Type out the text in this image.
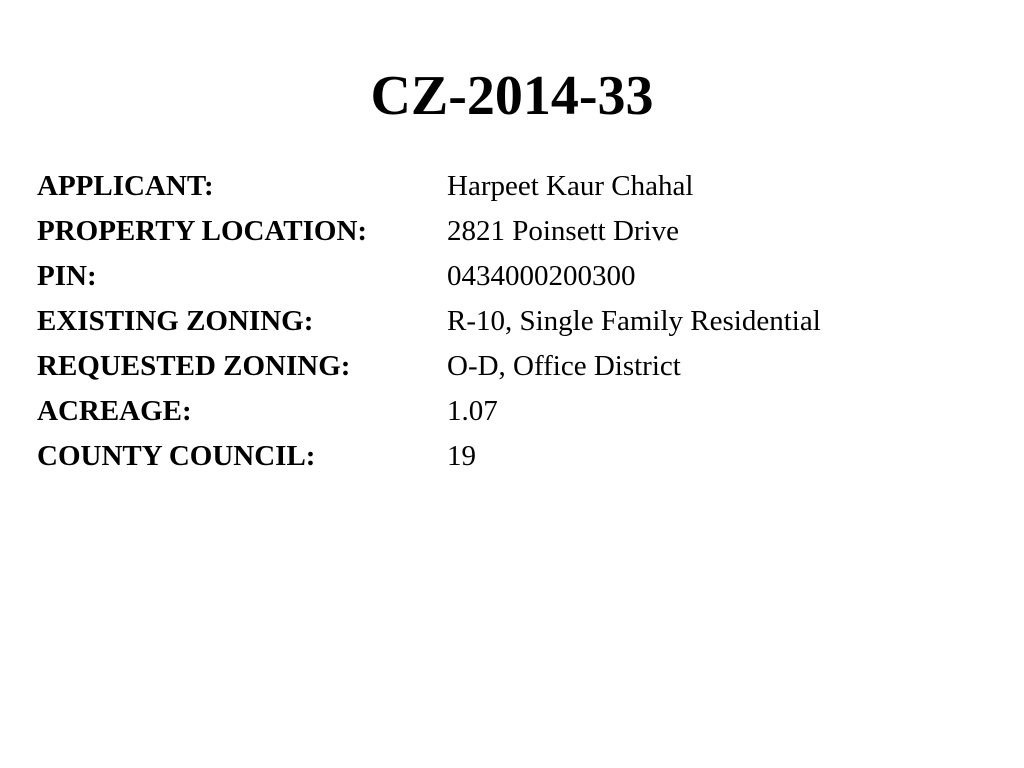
CZ-2014-33
APPLICANT:	Harpeet Kaur Chahal
PROPERTY LOCATION:	2821 Poinsett Drive
PIN:	0434000200300
EXISTING ZONING:	R-10, Single Family Residential
REQUESTED ZONING:	O-D, Office District
ACREAGE:	1.07
COUNTY COUNCIL:	19
